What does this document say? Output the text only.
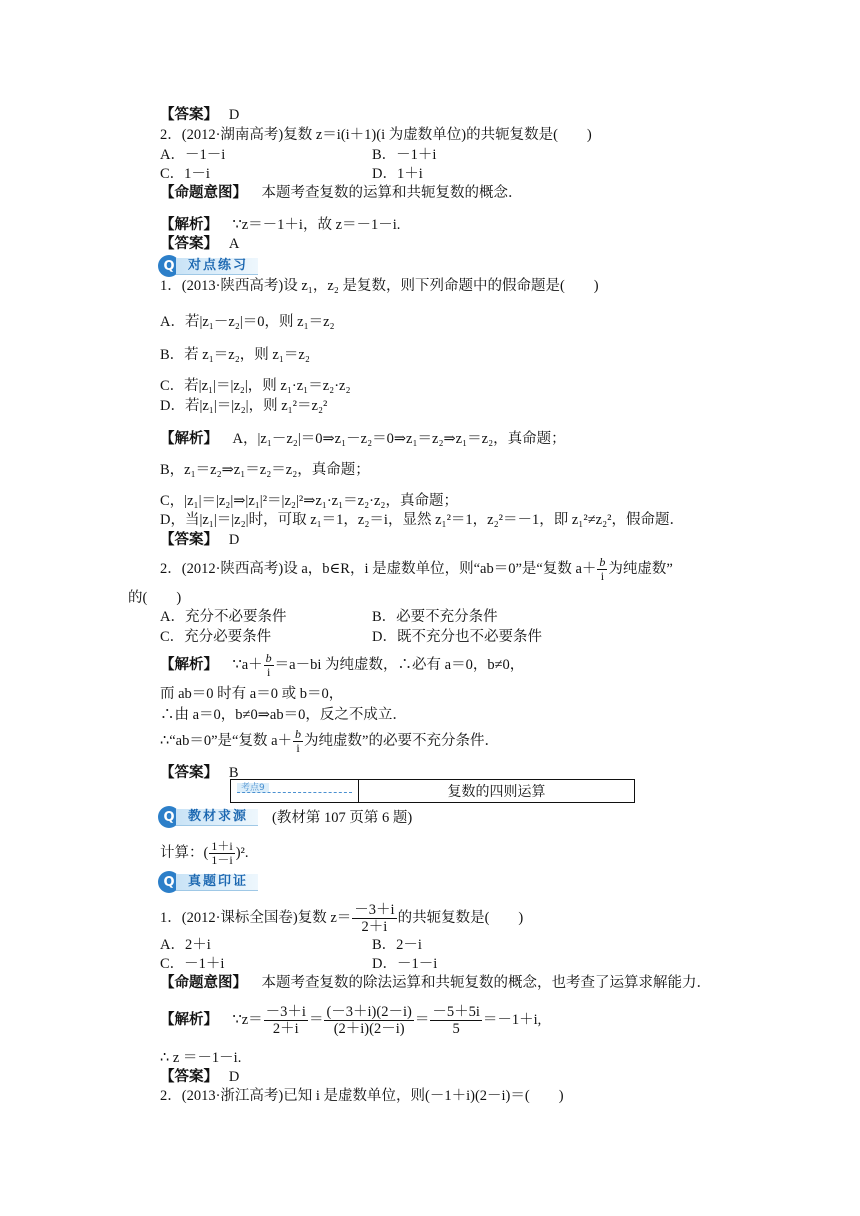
【答案】 D
2．(2012·湖南高考)复数 z＝i(i＋1)(i 为虚数单位)的共轭复数是(　　)
A．－1－i	B．－1＋i
C．1－i	D．1＋i
【命题意图】 本题考查复数的运算和共轭复数的概念．
【解析】 ∵z＝－1＋i，故 z＝－1－i.
【答案】 A
Q	对点练习
1．(2013·陕西高考)设 z₁，z₂ 是复数，则下列命题中的假命题是(　　)
A．若|z₁－z₂|＝0，则 z₁＝z₂
B．若 z₁＝z₂，则 z₁＝z₂
C．若|z₁|＝|z₂|，则 z₁·z₁＝z₂·z₂
D．若|z₁|＝|z₂|，则 z₁²＝z₂²
【解析】 A，|z₁－z₂|＝0⇒z₁－z₂＝0⇒z₁＝z₂⇒z₁＝z₂，真命题；
B，z₁＝z₂⇒z₁＝z₂＝z₂，真命题；
C，|z₁|＝|z₂|⇒|z₁|²＝|z₂|²⇒z₁·z₁＝z₂·z₂，真命题；
D，当|z₁|＝|z₂|时，可取 z₁＝1，z₂＝i，显然 z₁²＝1，z₂²＝－1，即 z₁²≠z₂²，假命题．
【答案】 D
2．(2012·陕西高考)设 a，b∈R，i 是虚数单位，则“ab＝0”是“复数 $a+ \frac{b}{i}$ 为纯虚数”
的(　　)
A．充分不必要条件	B．必要不充分条件
C．充分必要条件	D．既不充分也不必要条件
【解析】 ∵a＋ $\frac{b}{i} =a-bi$ 为纯虚数，∴必有 a＝0，b≠0，
而 ab＝0 时有 a＝0 或 b＝0，
∴由 a＝0，b≠0⇒ab＝0，反之不成立．
∴“ab＝0”是“复数 $a+ \frac{b}{i}$ 为纯虚数”的必要不充分条件．
【答案】 B
考点9	复数的四则运算
Q	教材求源	(教材第 107 页第 6 题)
计算：( $\frac{1+i}{1-i} )^2$.
Q	真题印证
1．(2012·课标全国卷)复数 $z= \frac{-3+i}{2+i}$ 的共轭复数是(　　)
A．2＋i	B．2－i
C．－1＋i	D．－1－i
【命题意图】 本题考查复数的除法运算和共轭复数的概念，也考查了运算求解能力．
【解析】 ∵z＝ $\frac{-3+i}{2+i} = \frac{(-3+i)(2-i)}{(2+i)(2-i)} = \frac{-5+5i}{5} =-1+i$,
∴ z ＝－1－i.
【答案】 D
2．(2013·浙江高考)已知 i 是虚数单位，则(－1＋i)(2－i)＝(　　)
